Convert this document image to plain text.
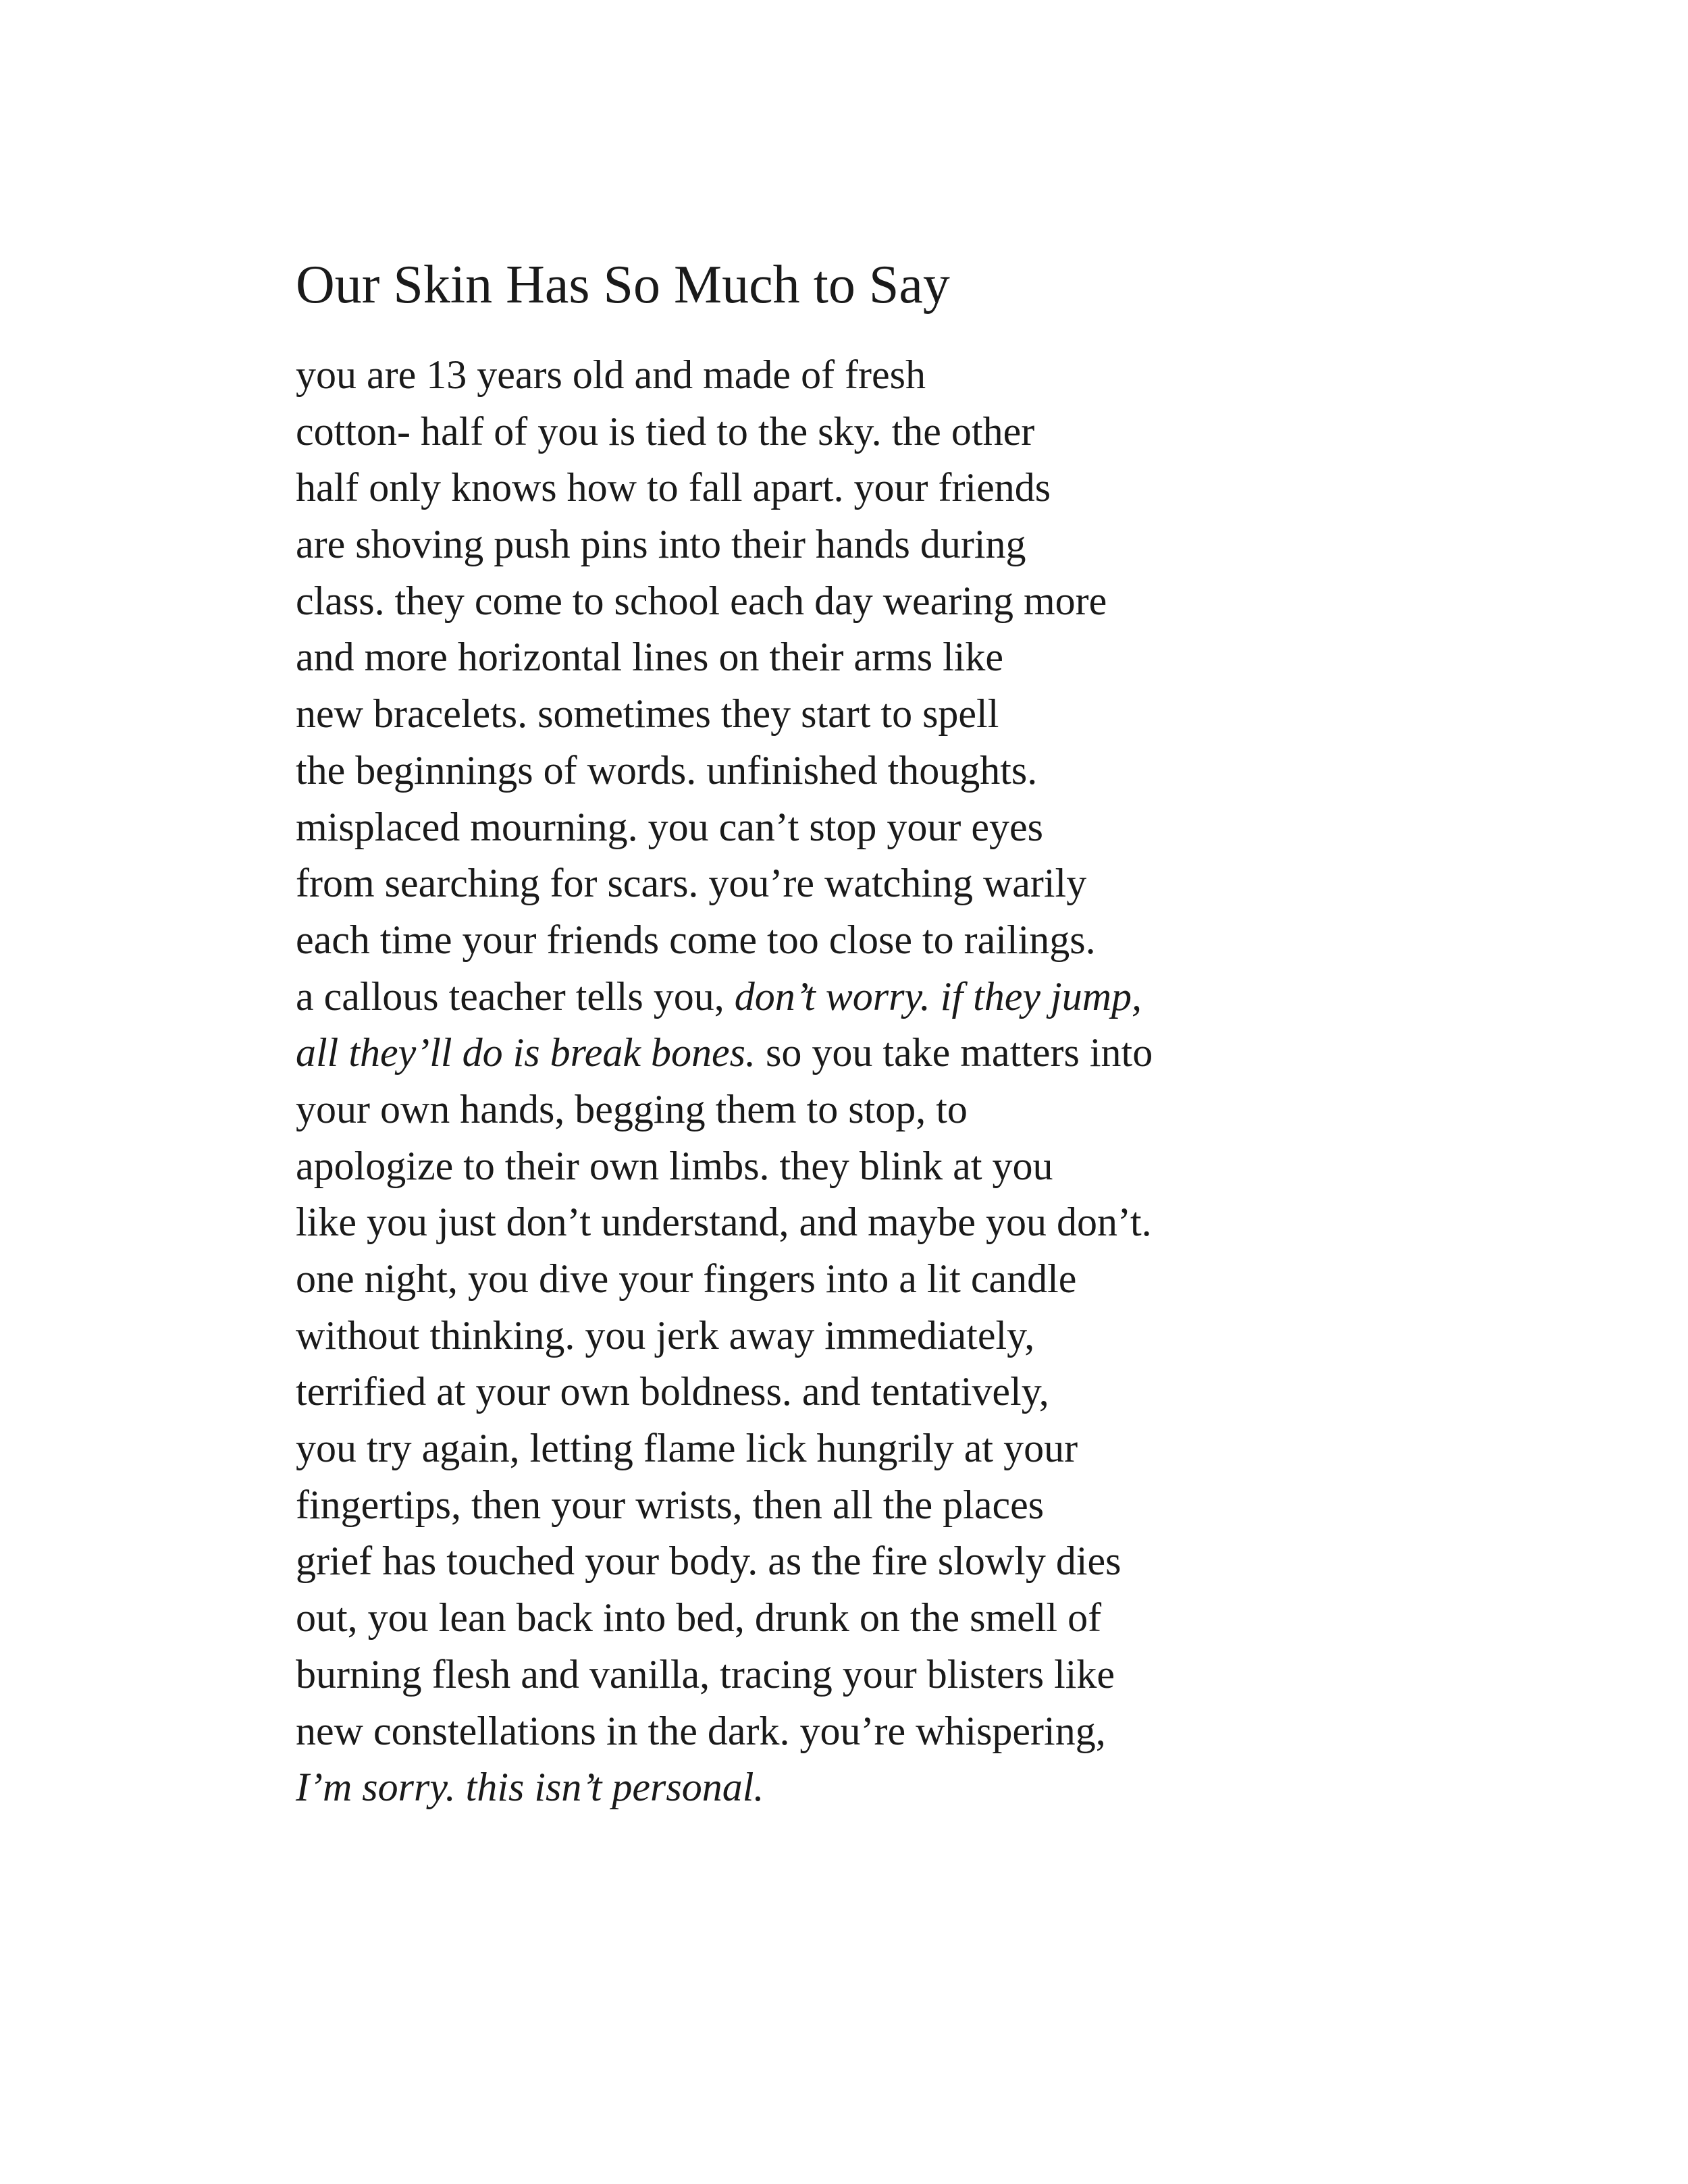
Our Skin Has So Much to Say
you are 13 years old and made of fresh
cotton- half of you is tied to the sky. the other
half only knows how to fall apart. your friends
are shoving push pins into their hands during
class. they come to school each day wearing more
and more horizontal lines on their arms like
new bracelets. sometimes they start to spell
the beginnings of words. unfinished thoughts.
misplaced mourning. you can’t stop your eyes
from searching for scars. you’re watching warily
each time your friends come too close to railings.
a callous teacher tells you, don’t worry. if they jump,
all they’ll do is break bones. so you take matters into
your own hands, begging them to stop, to
apologize to their own limbs. they blink at you
like you just don’t understand, and maybe you don’t.
one night, you dive your fingers into a lit candle
without thinking. you jerk away immediately,
terrified at your own boldness. and tentatively,
you try again, letting flame lick hungrily at your
fingertips, then your wrists, then all the places
grief has touched your body. as the fire slowly dies
out, you lean back into bed, drunk on the smell of
burning flesh and vanilla, tracing your blisters like
new constellations in the dark. you’re whispering,
I’m sorry. this isn’t personal.
